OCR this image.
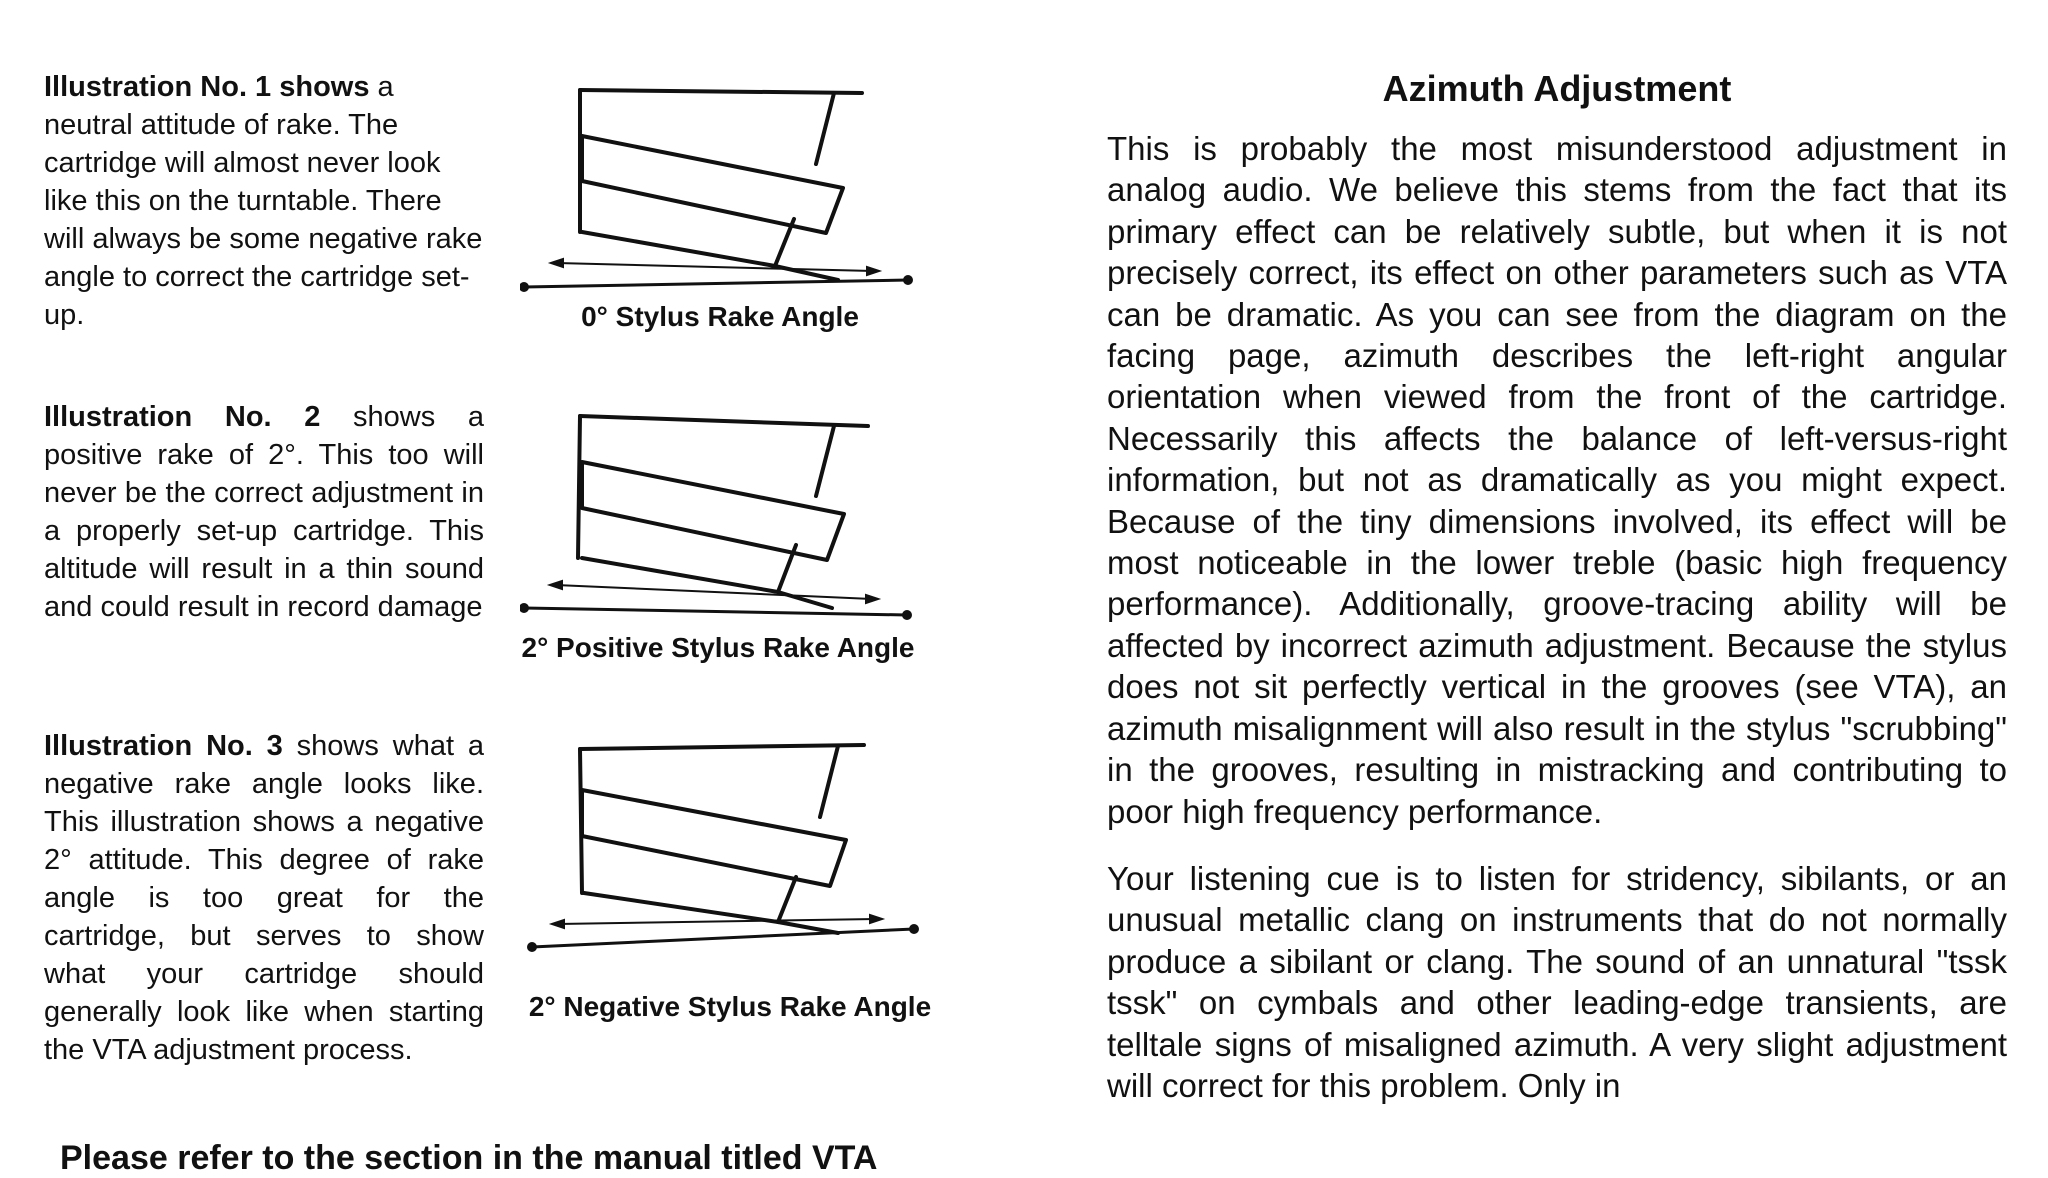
Illustration No. 1 shows a neutral attitude of rake. The cartridge will almost never look like this on the turntable. There will always be some negative rake angle to correct the cartridge set-up.	0° Stylus Rake Angle
Illustration No. 2 shows a positive rake of 2°. This too will never be the correct adjustment in a properly set-up cartridge. This altitude will result in a thin sound and could result in record damage
2° Positive Stylus Rake Angle
Illustration No. 3 shows what a negative rake angle looks like. This illustration shows a negative 2° attitude. This degree of rake angle is too great for the cartridge, but serves to show what your cartridge should generally look like when starting the VTA adjustment process.
2° Negative Stylus Rake Angle
Please refer to the section in the manual titled VTA
Azimuth Adjustment

This is probably the most misunderstood adjustment in analog audio. We believe this stems from the fact that its primary effect can be relatively subtle, but when it is not precisely correct, its effect on other parameters such as VTA can be dramatic. As you can see from the diagram on the facing page, azimuth describes the left-right angular orientation when viewed from the front of the cartridge. Necessarily this affects the balance of left-versus-right information, but not as dramatically as you might expect. Because of the tiny dimensions involved, its effect will be most noticeable in the lower treble (basic high frequency performance). Additionally, groove-tracing ability will be affected by incorrect azimuth adjustment. Because the stylus does not sit perfectly vertical in the grooves (see VTA), an azimuth misalignment will also result in the stylus "scrubbing" in the grooves, resulting in mistracking and contributing to poor high frequency performance.

Your listening cue is to listen for stridency, sibilants, or an unusual metallic clang on instruments that do not normally produce a sibilant or clang. The sound of an unnatural "tssk tssk" on cymbals and other leading-edge transients, are telltale signs of misaligned azimuth. A very slight adjustment will correct for this problem. Only in
